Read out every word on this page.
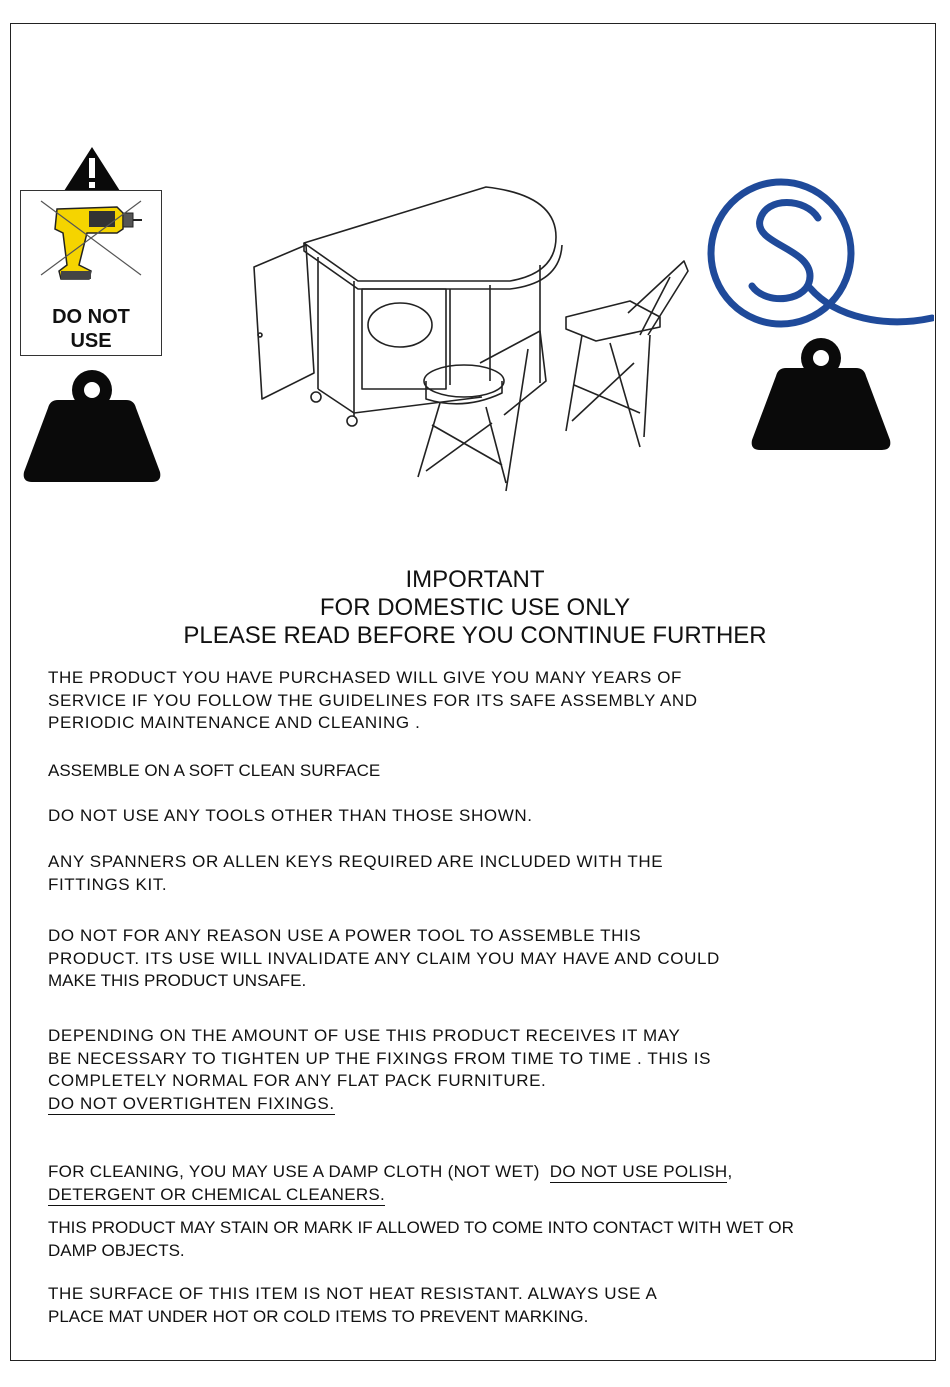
DO NOT
USE
IMPORTANT
FOR DOMESTIC USE ONLY
PLEASE READ BEFORE YOU CONTINUE FURTHER
THE PRODUCT YOU HAVE PURCHASED WILL GIVE YOU MANY YEARS OF
SERVICE IF YOU FOLLOW THE GUIDELINES FOR ITS SAFE ASSEMBLY AND
PERIODIC MAINTENANCE AND CLEANING .
ASSEMBLE ON A SOFT CLEAN SURFACE
DO NOT USE ANY TOOLS OTHER THAN THOSE SHOWN.
ANY SPANNERS OR ALLEN KEYS REQUIRED ARE INCLUDED WITH THE
FITTINGS KIT.
DO NOT FOR ANY REASON USE A POWER TOOL TO ASSEMBLE THIS
PRODUCT. ITS USE WILL INVALIDATE ANY CLAIM YOU MAY HAVE AND COULD
MAKE THIS PRODUCT UNSAFE.
DEPENDING ON THE AMOUNT OF USE THIS PRODUCT RECEIVES IT MAY
BE NECESSARY TO TIGHTEN UP THE FIXINGS FROM TIME TO TIME . THIS IS
COMPLETELY NORMAL FOR ANY FLAT PACK FURNITURE.
DO NOT OVERTIGHTEN FIXINGS.
FOR CLEANING, YOU MAY USE A DAMP CLOTH (NOT WET) DO NOT USE POLISH,
DETERGENT OR CHEMICAL CLEANERS.
THIS PRODUCT MAY STAIN OR MARK IF ALLOWED TO COME INTO CONTACT WITH WET OR
DAMP OBJECTS.
THE SURFACE OF THIS ITEM IS NOT HEAT RESISTANT. ALWAYS USE A
PLACE MAT UNDER HOT OR COLD ITEMS TO PREVENT MARKING.
